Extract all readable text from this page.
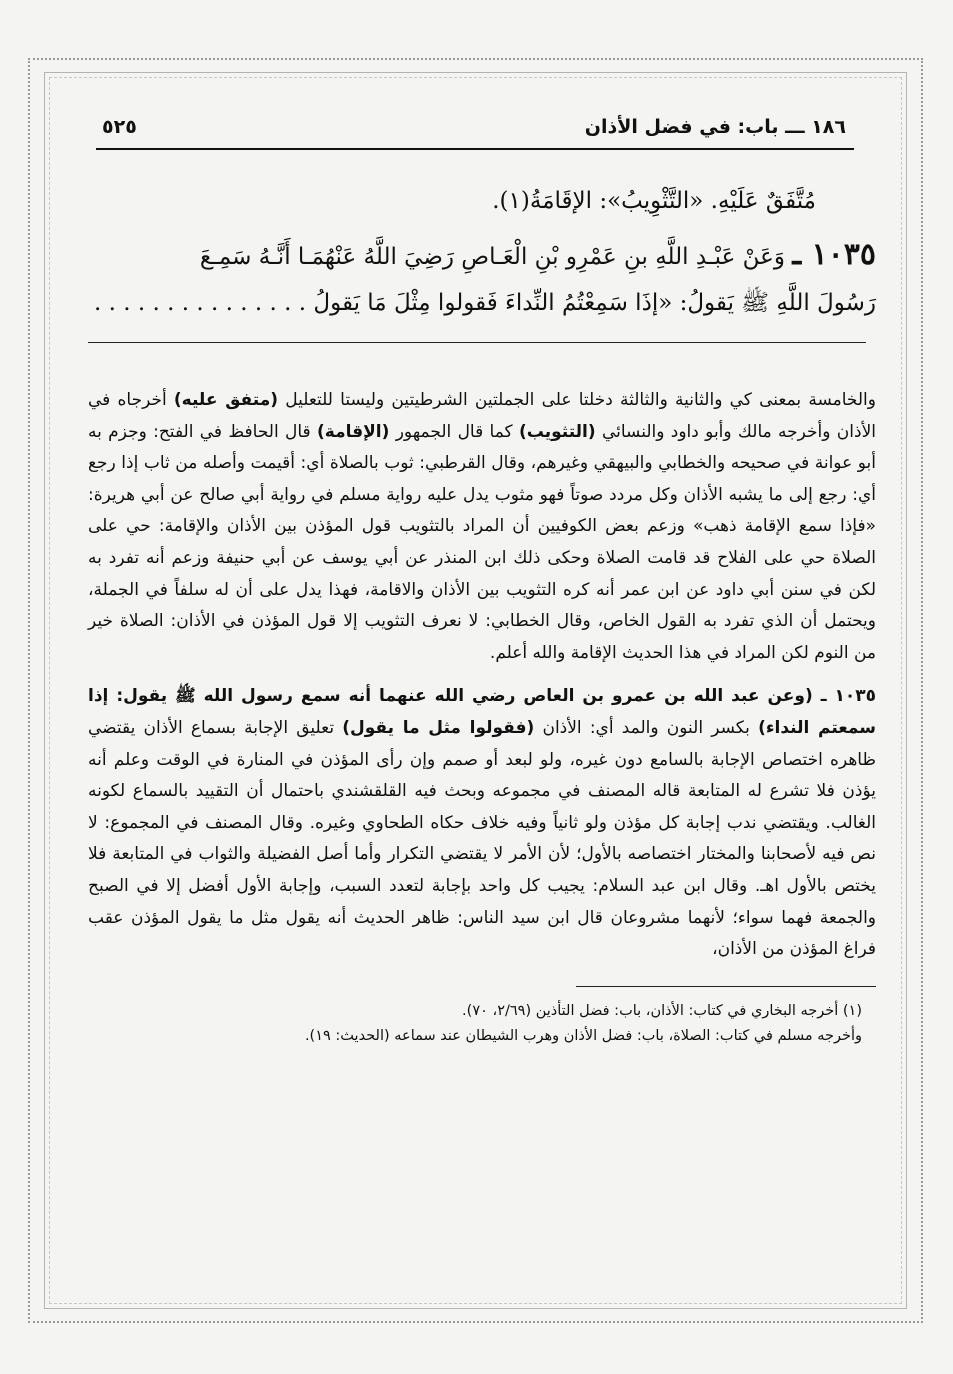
١٨٦ ـــ باب: في فضل الأذان
٥٢٥

مُتَّفَقٌ عَلَيْهِ. «التَّثْوِيبُ»: الإقَامَةُ(١).

١٠٣٥ ـ وَعَنْ عَبْـدِ اللَّهِ بنِ عَمْرِو بْنِ الْعَـاصِ رَضِيَ اللَّهُ عَنْهُمَـا أَنَّـهُ سَمِـعَ

رَسُولَ اللَّهِ ﷺ يَقولُ: «إذَا سَمِعْتُمُ النِّداءَ فَقولوا مِثْلَ مَا يَقولُ . . . . . . . . . . . . . . .

والخامسة بمعنى كي والثانية والثالثة دخلتا على الجملتين الشرطيتين وليستا للتعليل (متفق عليه) أخرجاه في الأذان وأخرجه مالك وأبو داود والنسائي (التثويب) كما قال الجمهور (الإقامة) قال الحافظ في الفتح: وجزم به أبو عوانة في صحيحه والخطابي والبيهقي وغيرهم، وقال القرطبي: ثوب بالصلاة أي: أقيمت وأصله من ثاب إذا رجع أي: رجع إلى ما يشبه الأذان وكل مردد صوتاً فهو مثوب يدل عليه رواية مسلم في رواية أبي صالح عن أبي هريرة: «فإذا سمع الإقامة ذهب» وزعم بعض الكوفيين أن المراد بالتثويب قول المؤذن بين الأذان والإقامة: حي على الصلاة حي على الفلاح قد قامت الصلاة وحكى ذلك ابن المنذر عن أبي يوسف عن أبي حنيفة وزعم أنه تفرد به لكن في سنن أبي داود عن ابن عمر أنه كره التثويب بين الأذان والاقامة، فهذا يدل على أن له سلفاً في الجملة، ويحتمل أن الذي تفرد به القول الخاص، وقال الخطابي: لا نعرف التثويب إلا قول المؤذن في الأذان: الصلاة خير من النوم لكن المراد في هذا الحديث الإقامة والله أعلم.

١٠٣٥ ـ (وعن عبد الله بن عمرو بن العاص رضي الله عنهما أنه سمع رسول الله ﷺ يقول: إذا سمعتم النداء) بكسر النون والمد أي: الأذان (فقولوا مثل ما يقول) تعليق الإجابة بسماع الأذان يقتضي ظاهره اختصاص الإجابة بالسامع دون غيره، ولو لبعد أو صمم وإن رأى المؤذن في المنارة في الوقت وعلم أنه يؤذن فلا تشرع له المتابعة قاله المصنف في مجموعه وبحث فيه القلقشندي باحتمال أن التقييد بالسماع لكونه الغالب. ويقتضي ندب إجابة كل مؤذن ولو ثانياً وفيه خلاف حكاه الطحاوي وغيره. وقال المصنف في المجموع: لا نص فيه لأصحابنا والمختار اختصاصه بالأول؛ لأن الأمر لا يقتضي التكرار وأما أصل الفضيلة والثواب في المتابعة فلا يختص بالأول اهـ. وقال ابن عبد السلام: يجيب كل واحد بإجابة لتعدد السبب، وإجابة الأول أفضل إلا في الصبح والجمعة فهما سواء؛ لأنهما مشروعان قال ابن سيد الناس: ظاهر الحديث أنه يقول مثل ما يقول المؤذن عقب فراغ المؤذن من الأذان،

(١) أخرجه البخاري في كتاب: الأذان، باب: فضل التأذين (٢/٦٩، ٧٠).

وأخرجه مسلم في كتاب: الصلاة، باب: فضل الأذان وهرب الشيطان عند سماعه (الحديث: ١٩).
